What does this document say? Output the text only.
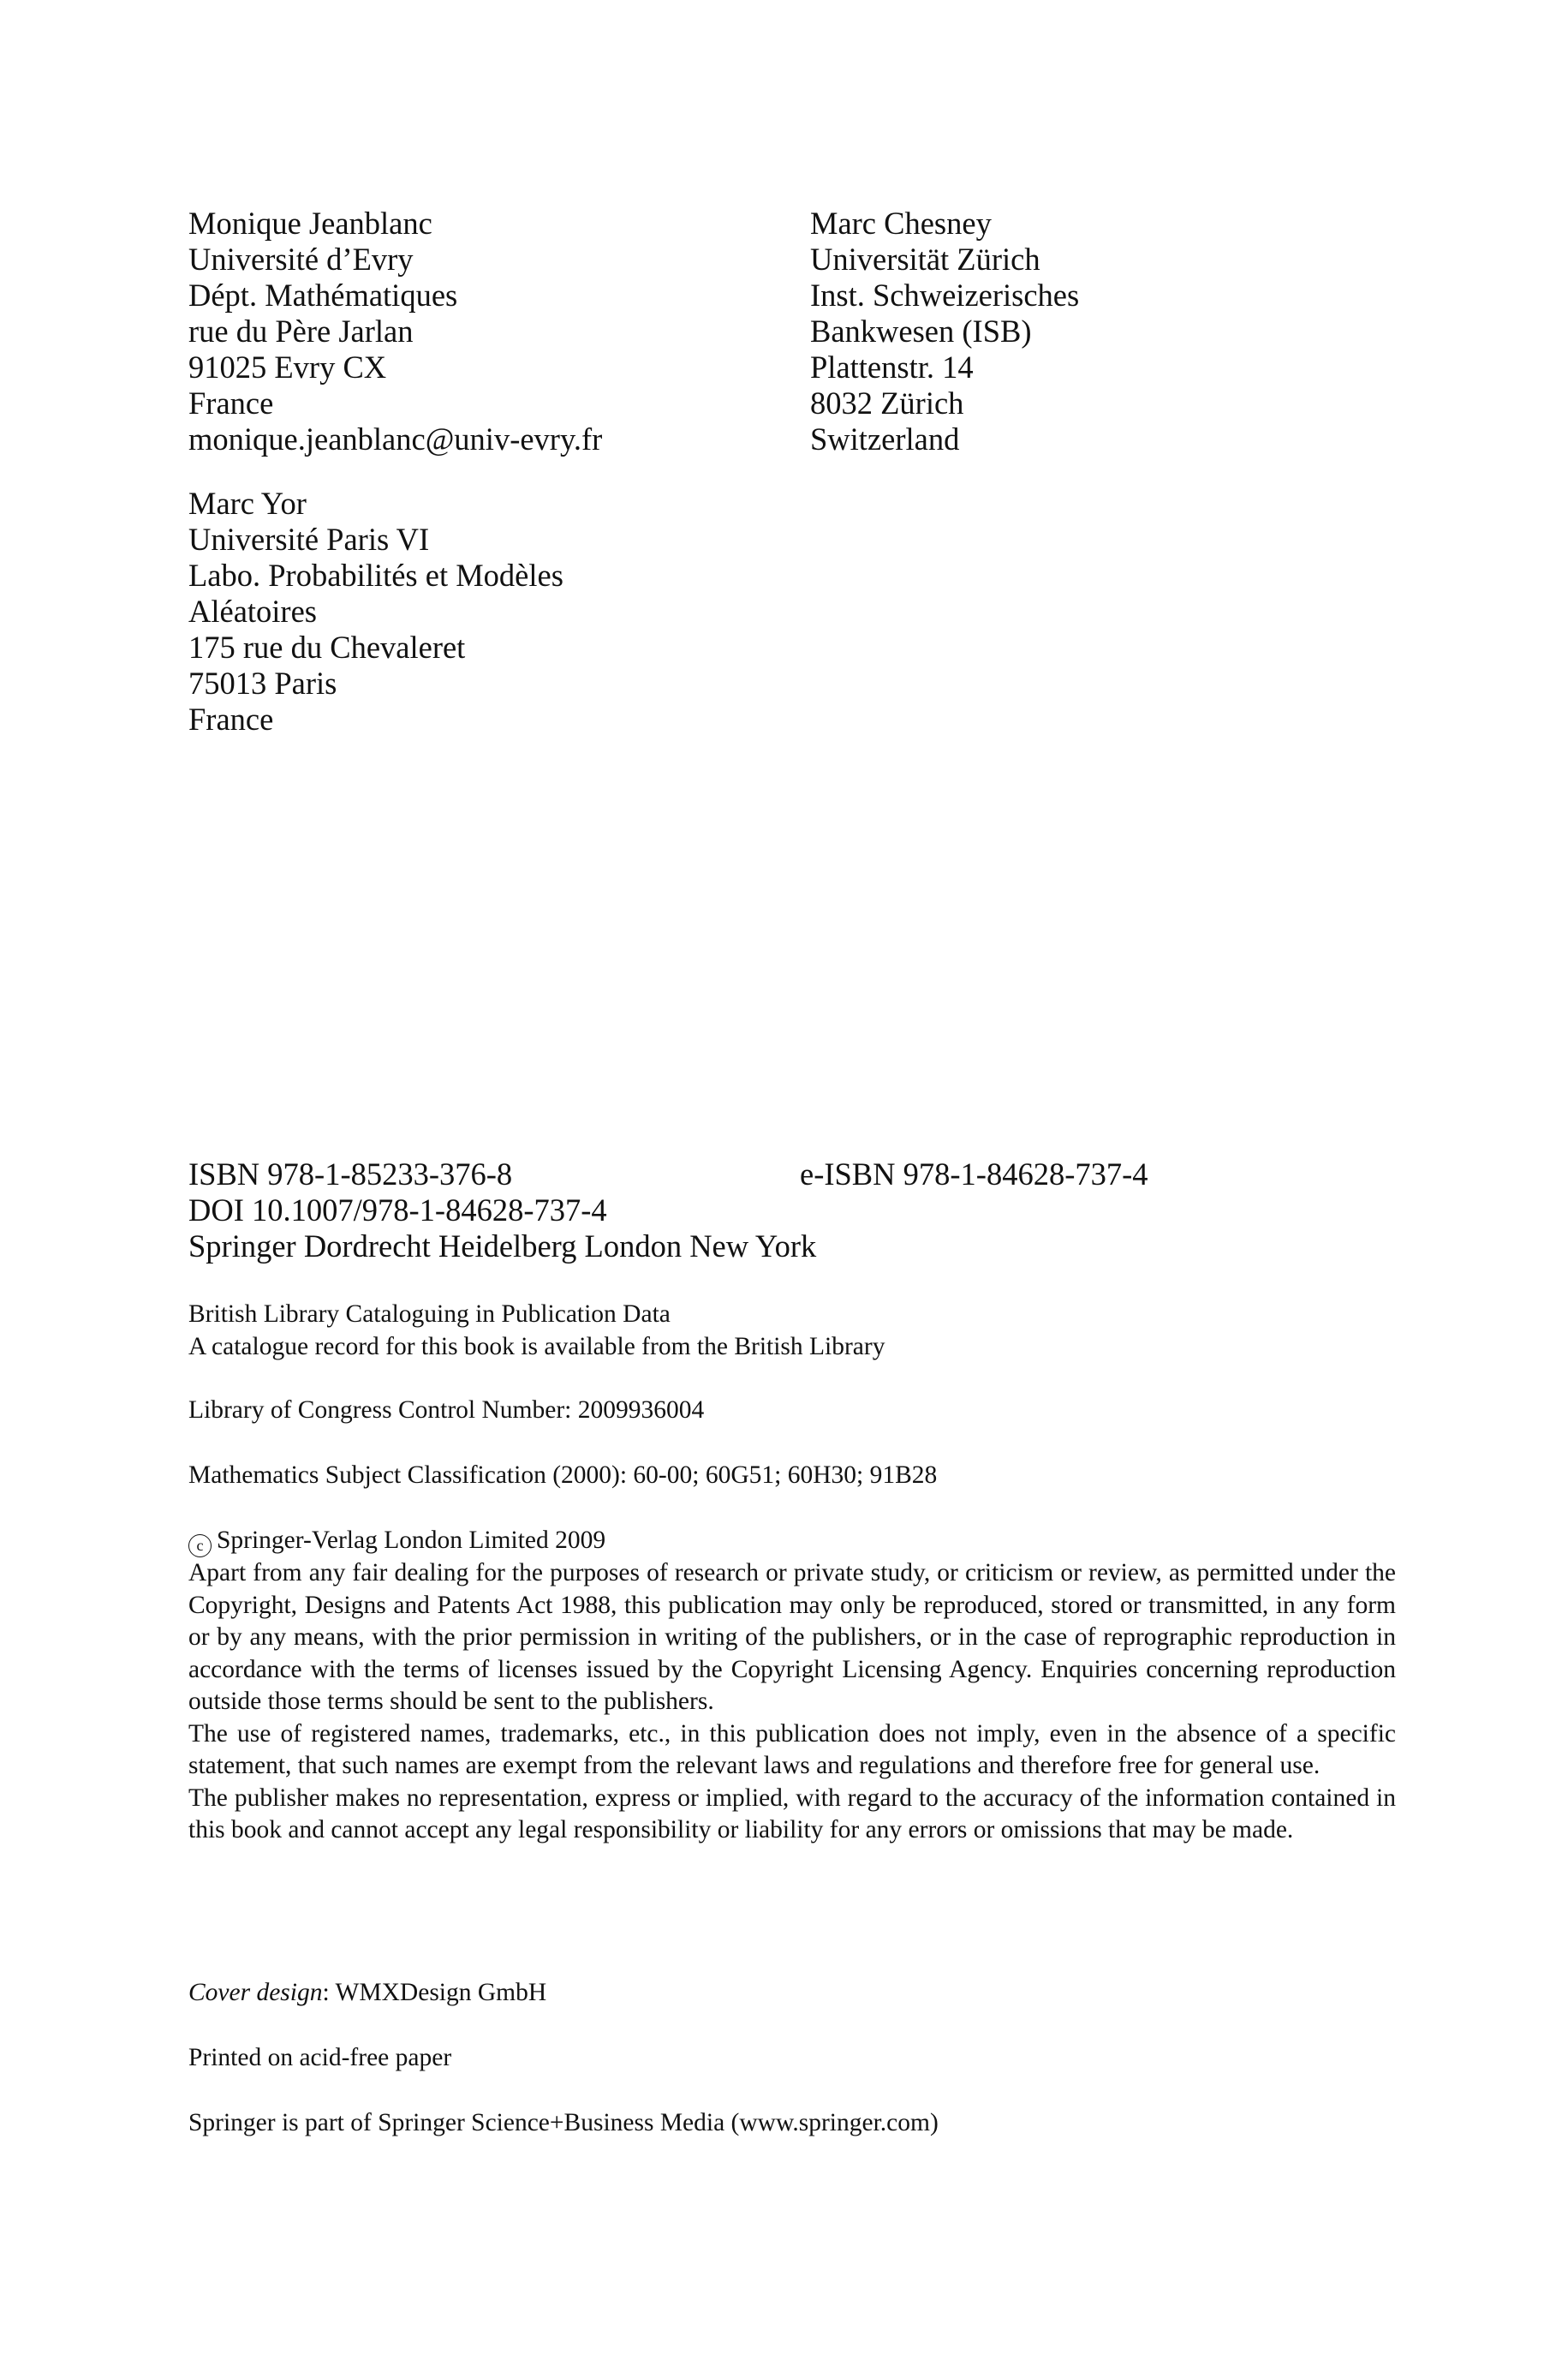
Monique Jeanblanc
Université d’Evry
Dépt. Mathématiques
rue du Père Jarlan
91025 Evry CX
France
monique.jeanblanc@univ-evry.fr
Marc Chesney
Universität Zürich
Inst. Schweizerisches
Bankwesen (ISB)
Plattenstr. 14
8032 Zürich
Switzerland
Marc Yor
Université Paris VI
Labo. Probabilités et Modèles
Aléatoires
175 rue du Chevaleret
75013 Paris
France
ISBN 978-1-85233-376-8	e-ISBN 978-1-84628-737-4
DOI 10.1007/978-1-84628-737-4
Springer Dordrecht Heidelberg London New York
British Library Cataloguing in Publication Data
A catalogue record for this book is available from the British Library
Library of Congress Control Number: 2009936004
Mathematics Subject Classification (2000): 60-00; 60G51; 60H30; 91B28
c Springer-Verlag London Limited 2009
Apart from any fair dealing for the purposes of research or private study, or criticism or review, as permitted under the Copyright, Designs and Patents Act 1988, this publication may only be reproduced, stored or transmitted, in any form or by any means, with the prior permission in writing of the publishers, or in the case of reprographic reproduction in accordance with the terms of licenses issued by the Copyright Licensing Agency. Enquiries concerning reproduction outside those terms should be sent to the publishers.
The use of registered names, trademarks, etc., in this publication does not imply, even in the absence of a specific statement, that such names are exempt from the relevant laws and regulations and therefore free for general use.
The publisher makes no representation, express or implied, with regard to the accuracy of the information contained in this book and cannot accept any legal responsibility or liability for any errors or omissions that may be made.
Cover design: WMXDesign GmbH
Printed on acid-free paper
Springer is part of Springer Science+Business Media (www.springer.com)
